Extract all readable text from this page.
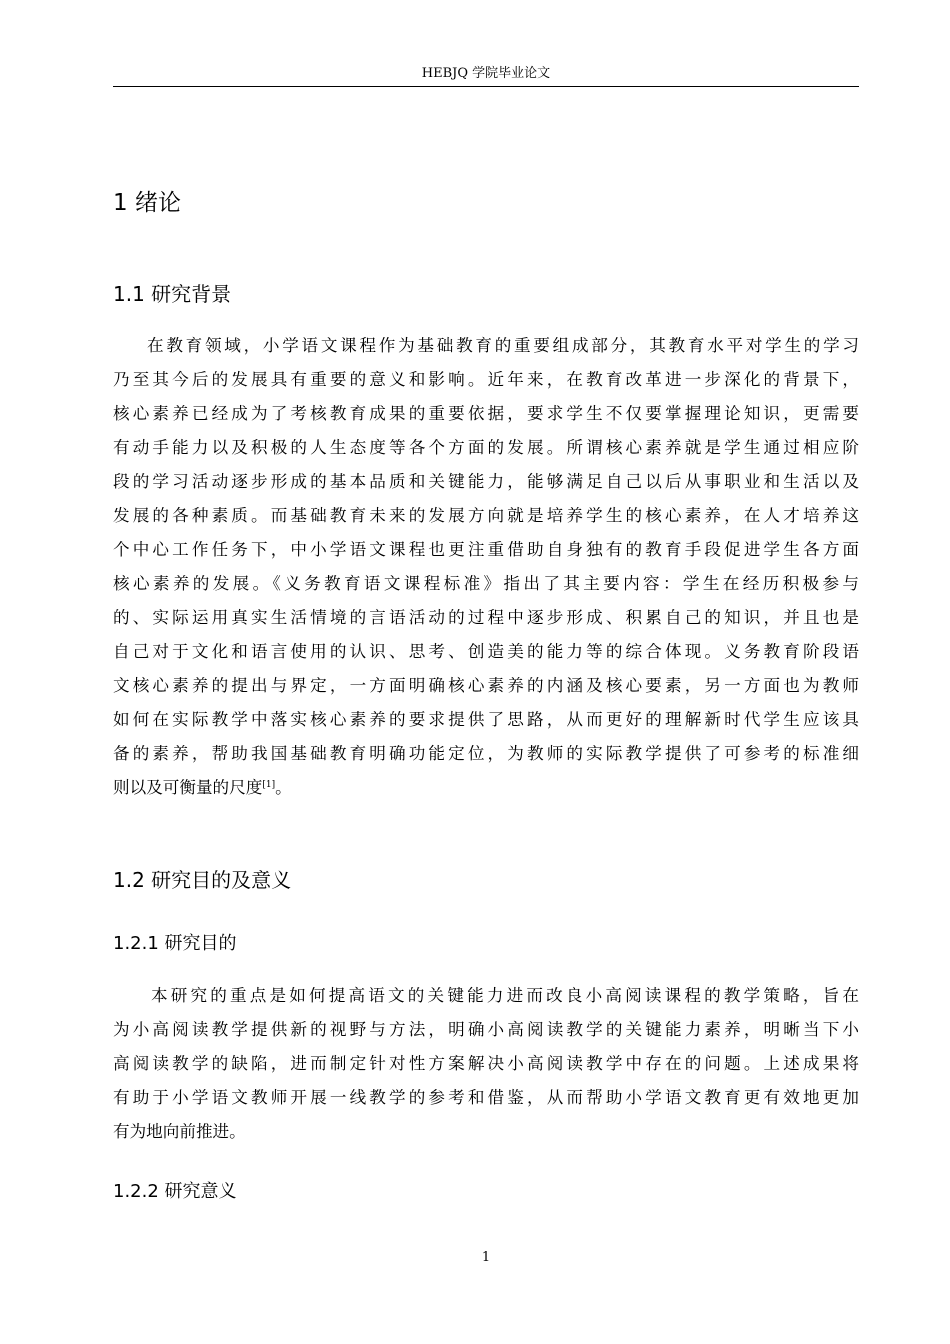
HEBJQ 学院毕业论文
1 绪论
1.1 研究背景
在教育领域，小学语文课程作为基础教育的重要组成部分，其教育水平对学生的学习
乃至其今后的发展具有重要的意义和影响。近年来，在教育改革进一步深化的背景下，
核心素养已经成为了考核教育成果的重要依据，要求学生不仅要掌握理论知识，更需要
有动手能力以及积极的人生态度等各个方面的发展。所谓核心素养就是学生通过相应阶
段的学习活动逐步形成的基本品质和关键能力，能够满足自己以后从事职业和生活以及
发展的各种素质。而基础教育未来的发展方向就是培养学生的核心素养，在人才培养这
个中心工作任务下，中小学语文课程也更注重借助自身独有的教育手段促进学生各方面
核心素养的发展。《义务教育语文课程标准》指出了其主要内容：学生在经历积极参与
的、实际运用真实生活情境的言语活动的过程中逐步形成、积累自己的知识，并且也是
自己对于文化和语言使用的认识、思考、创造美的能力等的综合体现。义务教育阶段语
文核心素养的提出与界定，一方面明确核心素养的内涵及核心要素，另一方面也为教师
如何在实际教学中落实核心素养的要求提供了思路，从而更好的理解新时代学生应该具
备的素养，帮助我国基础教育明确功能定位，为教师的实际教学提供了可参考的标准细
则以及可衡量的尺度[1]。
1.2 研究目的及意义
1.2.1 研究目的
本研究的重点是如何提高语文的关键能力进而改良小高阅读课程的教学策略，旨在
为小高阅读教学提供新的视野与方法，明确小高阅读教学的关键能力素养，明晰当下小
高阅读教学的缺陷，进而制定针对性方案解决小高阅读教学中存在的问题。上述成果将
有助于小学语文教师开展一线教学的参考和借鉴，从而帮助小学语文教育更有效地更加
有为地向前推进。
1.2.2 研究意义
1
